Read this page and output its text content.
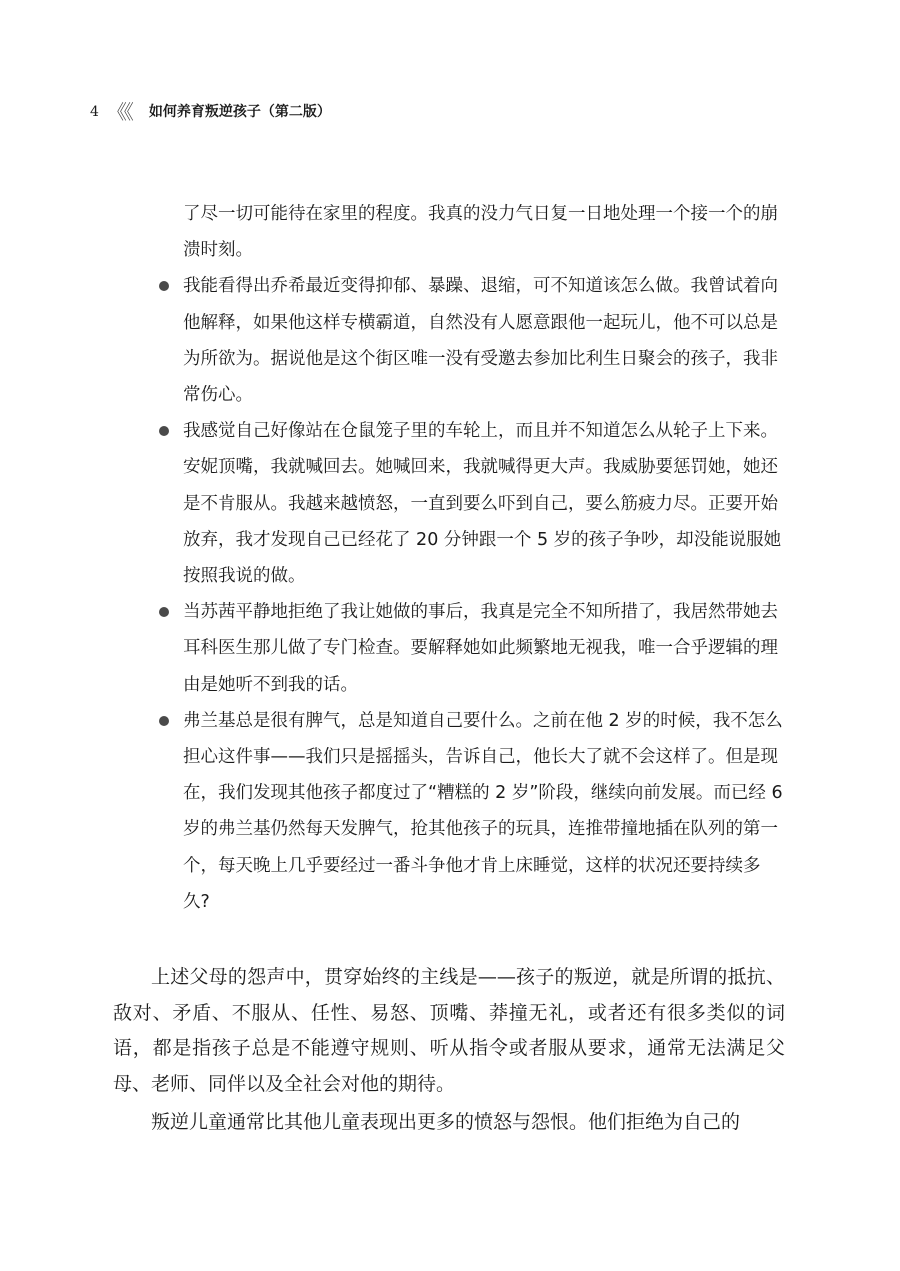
4 《《 如何养育叛逆孩子（第二版）
了尽一切可能待在家里的程度。我真的没力气日复一日地处理一个接一个的崩溃时刻。
我能看得出乔希最近变得抑郁、暴躁、退缩，可不知道该怎么做。我曾试着向他解释，如果他这样专横霸道，自然没有人愿意跟他一起玩儿，他不可以总是为所欲为。据说他是这个街区唯一没有受邀去参加比利生日聚会的孩子，我非常伤心。
我感觉自己好像站在仓鼠笼子里的车轮上，而且并不知道怎么从轮子上下来。安妮顶嘴，我就喊回去。她喊回来，我就喊得更大声。我威胁要惩罚她，她还是不肯服从。我越来越愤怒，一直到要么吓到自己，要么筋疲力尽。正要开始放弃，我才发现自己已经花了 20 分钟跟一个 5 岁的孩子争吵，却没能说服她按照我说的做。
当苏茜平静地拒绝了我让她做的事后，我真是完全不知所措了，我居然带她去耳科医生那儿做了专门检查。要解释她如此频繁地无视我，唯一合乎逻辑的理由是她听不到我的话。
弗兰基总是很有脾气，总是知道自己要什么。之前在他 2 岁的时候，我不怎么担心这件事——我们只是摇摇头，告诉自己，他长大了就不会这样了。但是现在，我们发现其他孩子都度过了“糟糕的 2 岁”阶段，继续向前发展。而已经 6 岁的弗兰基仍然每天发脾气，抢其他孩子的玩具，连推带撞地插在队列的第一个，每天晚上几乎要经过一番斗争他才肯上床睡觉，这样的状况还要持续多久?

上述父母的怨声中，贯穿始终的主线是——孩子的叛逆，就是所谓的抵抗、敌对、矛盾、不服从、任性、易怒、顶嘴、莽撞无礼，或者还有很多类似的词语，都是指孩子总是不能遵守规则、听从指令或者服从要求，通常无法满足父母、老师、同伴以及全社会对他的期待。

叛逆儿童通常比其他儿童表现出更多的愤怒与怨恨。他们拒绝为自己的
